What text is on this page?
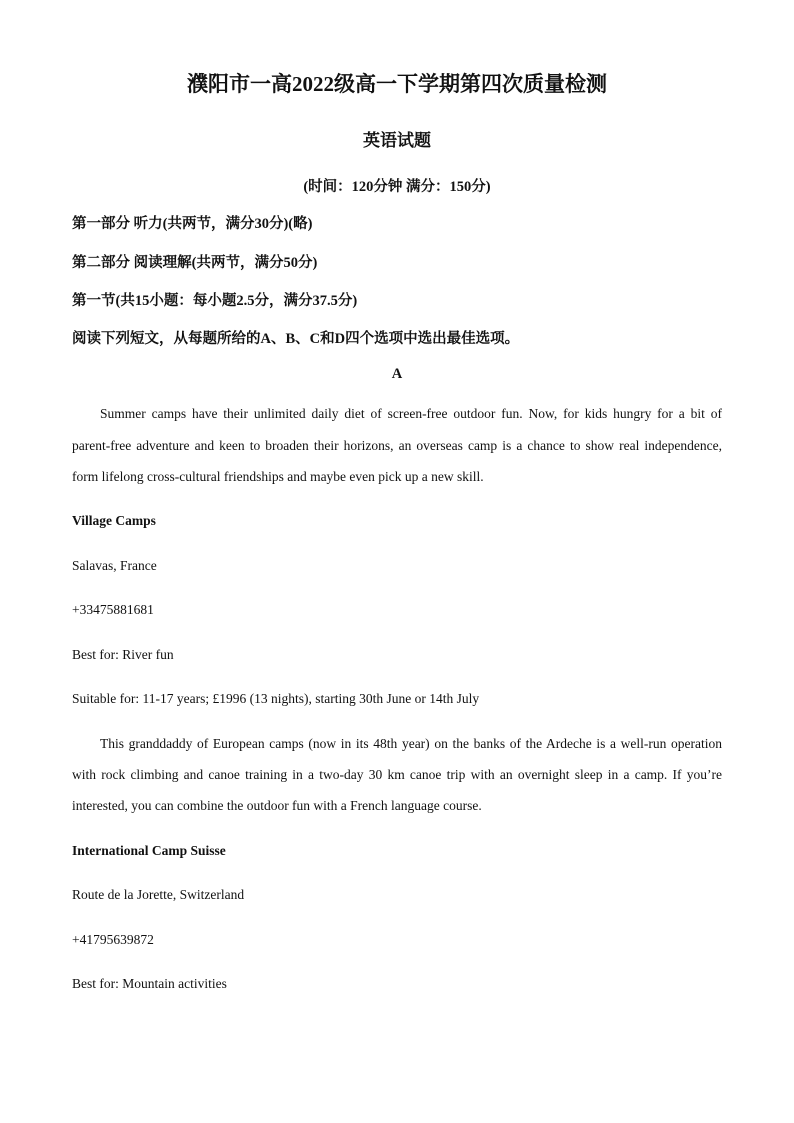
濮阳市一高2022级高一下学期第四次质量检测
英语试题
(时间：120分钟 满分：150分)
第一部分 听力(共两节，满分30分)(略)
第二部分 阅读理解(共两节，满分50分)
第一节(共15小题：每小题2.5分，满分37.5分)
阅读下列短文，从每题所给的A、B、C和D四个选项中选出最佳选项。
A
Summer camps have their unlimited daily diet of screen-free outdoor fun. Now, for kids hungry for a bit of
parent-free adventure and keen to broaden their horizons, an overseas camp is a chance to show real independence,
form lifelong cross-cultural friendships and maybe even pick up a new skill.
Village Camps
Salavas, France
+33475881681
Best for: River fun
Suitable for: 11-17 years; £1996 (13 nights), starting 30th June or 14th July
This granddaddy of European camps (now in its 48th year) on the banks of the Ardeche is a well-run operation
with rock climbing and canoe training in a two-day 30 km canoe trip with an overnight sleep in a camp. If you’re
interested, you can combine the outdoor fun with a French language course.
International Camp Suisse
Route de la Jorette, Switzerland
+41795639872
Best for: Mountain activities
